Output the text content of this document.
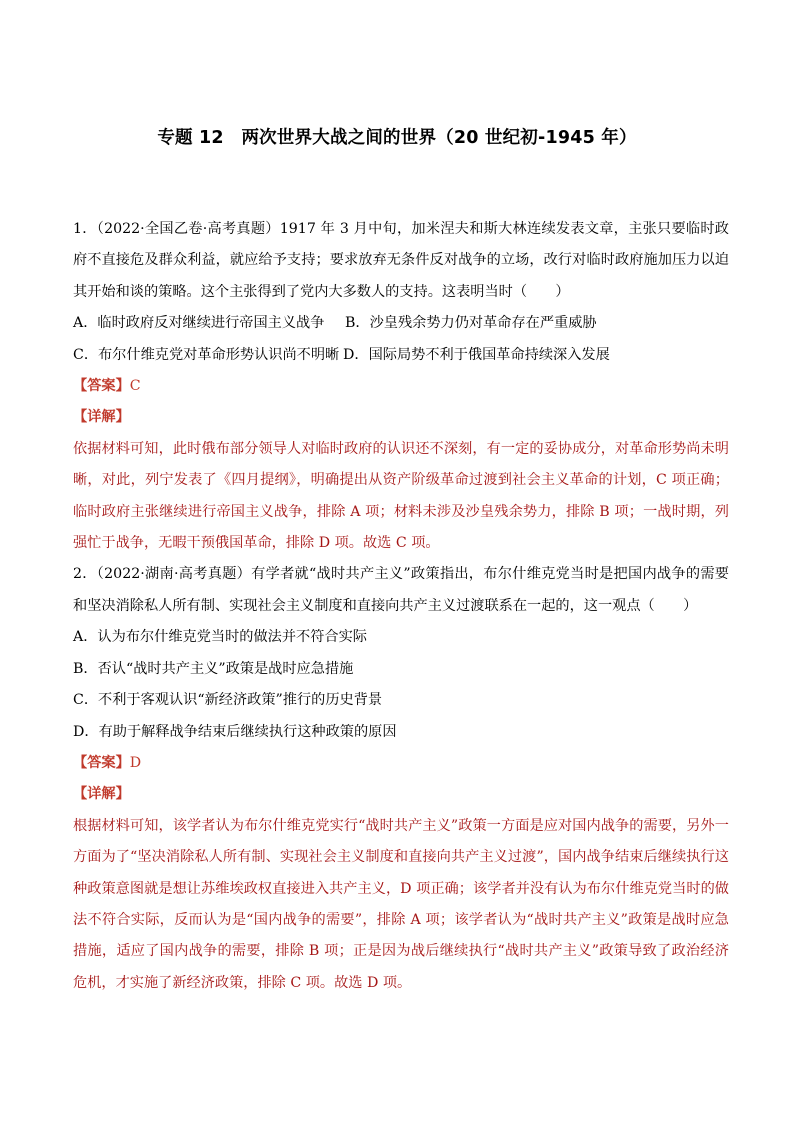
专题 12　两次世界大战之间的世界（20 世纪初-1945 年）

1．（2022·全国乙卷·高考真题）1917 年 3 月中旬，加米涅夫和斯大林连续发表文章，主张只要临时政府不直接危及群众利益，就应给予支持；要求放弃无条件反对战争的立场，改行对临时政府施加压力以迫其开始和谈的策略。这个主张得到了党内大多数人的支持。这表明当时（　　）

A．临时政府反对继续进行帝国主义战争	B．沙皇残余势力仍对革命存在严重威胁
C．布尔什维克党对革命形势认识尚不明晰 D．国际局势不利于俄国革命持续深入发展

【答案】C

【详解】

依据材料可知，此时俄布部分领导人对临时政府的认识还不深刻，有一定的妥协成分，对革命形势尚未明晰，对此，列宁发表了《四月提纲》，明确提出从资产阶级革命过渡到社会主义革命的计划，C 项正确；临时政府主张继续进行帝国主义战争，排除 A 项；材料未涉及沙皇残余势力，排除 B 项；一战时期，列强忙于战争，无暇干预俄国革命，排除 D 项。故选 C 项。

2．（2022·湖南·高考真题）有学者就“战时共产主义”政策指出，布尔什维克党当时是把国内战争的需要和坚决消除私人所有制、实现社会主义制度和直接向共产主义过渡联系在一起的，这一观点（　　）

A．认为布尔什维克党当时的做法并不符合实际

B．否认“战时共产主义”政策是战时应急措施

C．不利于客观认识“新经济政策”推行的历史背景

D．有助于解释战争结束后继续执行这种政策的原因

【答案】D

【详解】

根据材料可知，该学者认为布尔什维克党实行“战时共产主义”政策一方面是应对国内战争的需要，另外一方面为了“坚决消除私人所有制、实现社会主义制度和直接向共产主义过渡”，国内战争结束后继续执行这种政策意图就是想让苏维埃政权直接进入共产主义，D 项正确；该学者并没有认为布尔什维克党当时的做法不符合实际，反而认为是“国内战争的需要”，排除 A 项；该学者认为“战时共产主义”政策是战时应急措施，适应了国内战争的需要，排除 B 项；正是因为战后继续执行“战时共产主义”政策导致了政治经济危机，才实施了新经济政策，排除 C 项。故选 D 项。
